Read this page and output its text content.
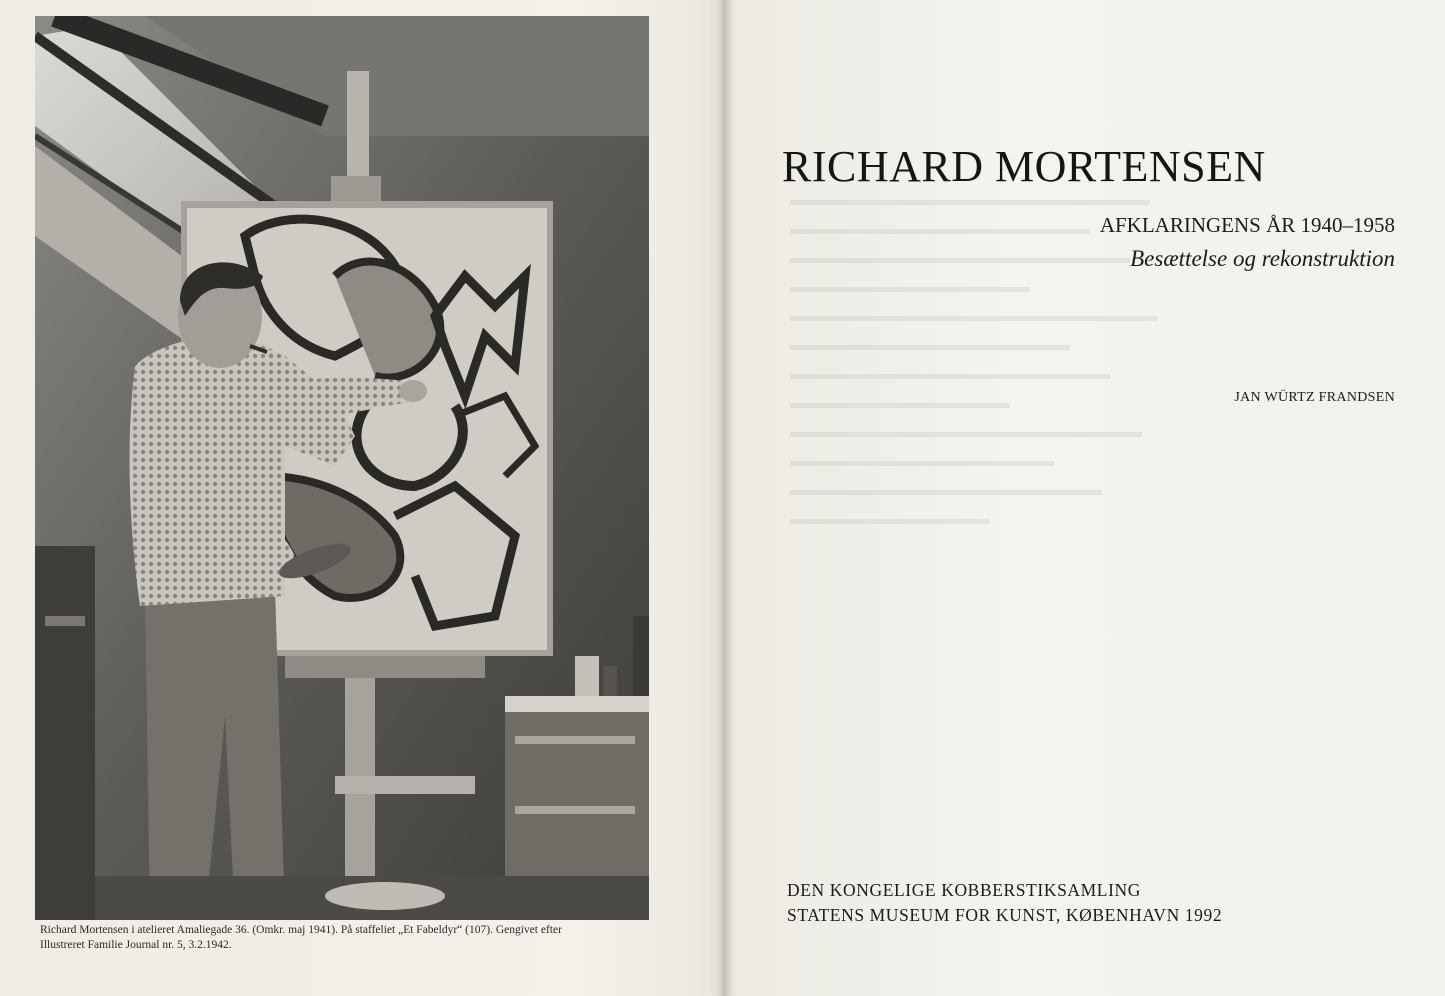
Richard Mortensen i atelieret Amaliegade 36. (Omkr. maj 1941). På staffeliet „Et Fabeldyr“ (107). Gengivet efter
Illustreret Familie Journal nr. 5, 3.2.1942.
RICHARD MORTENSEN
AFKLARINGENS ÅR 1940–1958
Besættelse og rekonstruktion
JAN WÜRTZ FRANDSEN
DEN KONGELIGE KOBBERSTIKSAMLING
STATENS MUSEUM FOR KUNST, KØBENHAVN 1992
